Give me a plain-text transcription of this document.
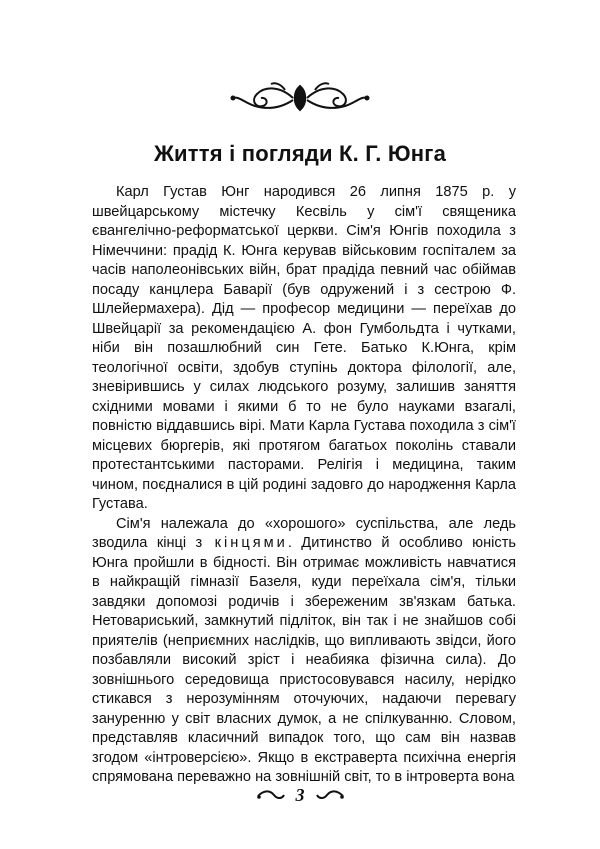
Життя і погляди К. Г. Юнга

Карл Густав Юнг народився 26 липня 1875 р. у швейцарському містечку Кесвіль у сім'ї священика євангелічно-реформатської церкви. Сім'я Юнгів походила з Німеччини: прадід К. Юнга керував військовим госпіталем за часів наполеонівських війн, брат прадіда певний час обіймав посаду канцлера Баварії (був одружений і з сестрою Ф. Шлейермахера). Дід — професор медицини — переїхав до Швейцарії за рекомендацією А. фон Гумбольдта і чутками, ніби він позашлюбний син Гете. Батько К.Юнга, крім теологічної освіти, здобув ступінь доктора філології, але, зневірившись у силах людського розуму, залишив заняття східними мовами і якими б то не було науками взагалі, повністю віддавшись вірі. Мати Карла Густава походила з сім'ї місцевих бюргерів, які протягом багатьох поколінь ставали протестантськими пасторами. Релігія і медицина, таким чином, поєдналися в цій родині задовго до народження Карла Густава.

Сім'я належала до «хорошого» суспільства, але ледь зводила кінці з кінцями. Дитинство й особливо юність Юнга пройшли в бідності. Він отримає можливість навчатися в найкращій гімназії Базеля, куди переїхала сім'я, тільки завдяки допомозі родичів і збереженим зв'язкам батька. Нетовариський, замкнутий підліток, він так і не знайшов собі приятелів (неприємних наслідків, що випливають звідси, його позбавляли високий зріст і неабияка фізична сила). До зовнішнього середовища пристосовувався насилу, нерідко стикався з нерозумінням оточуючих, надаючи перевагу зануренню у світ власних думок, а не спілкуванню. Словом, представляв класичний випадок того, що сам він назвав згодом «інтроверсією». Якщо в екстраверта психічна енергія спрямована переважно на зовнішній світ, то в інтроверта вона

3
